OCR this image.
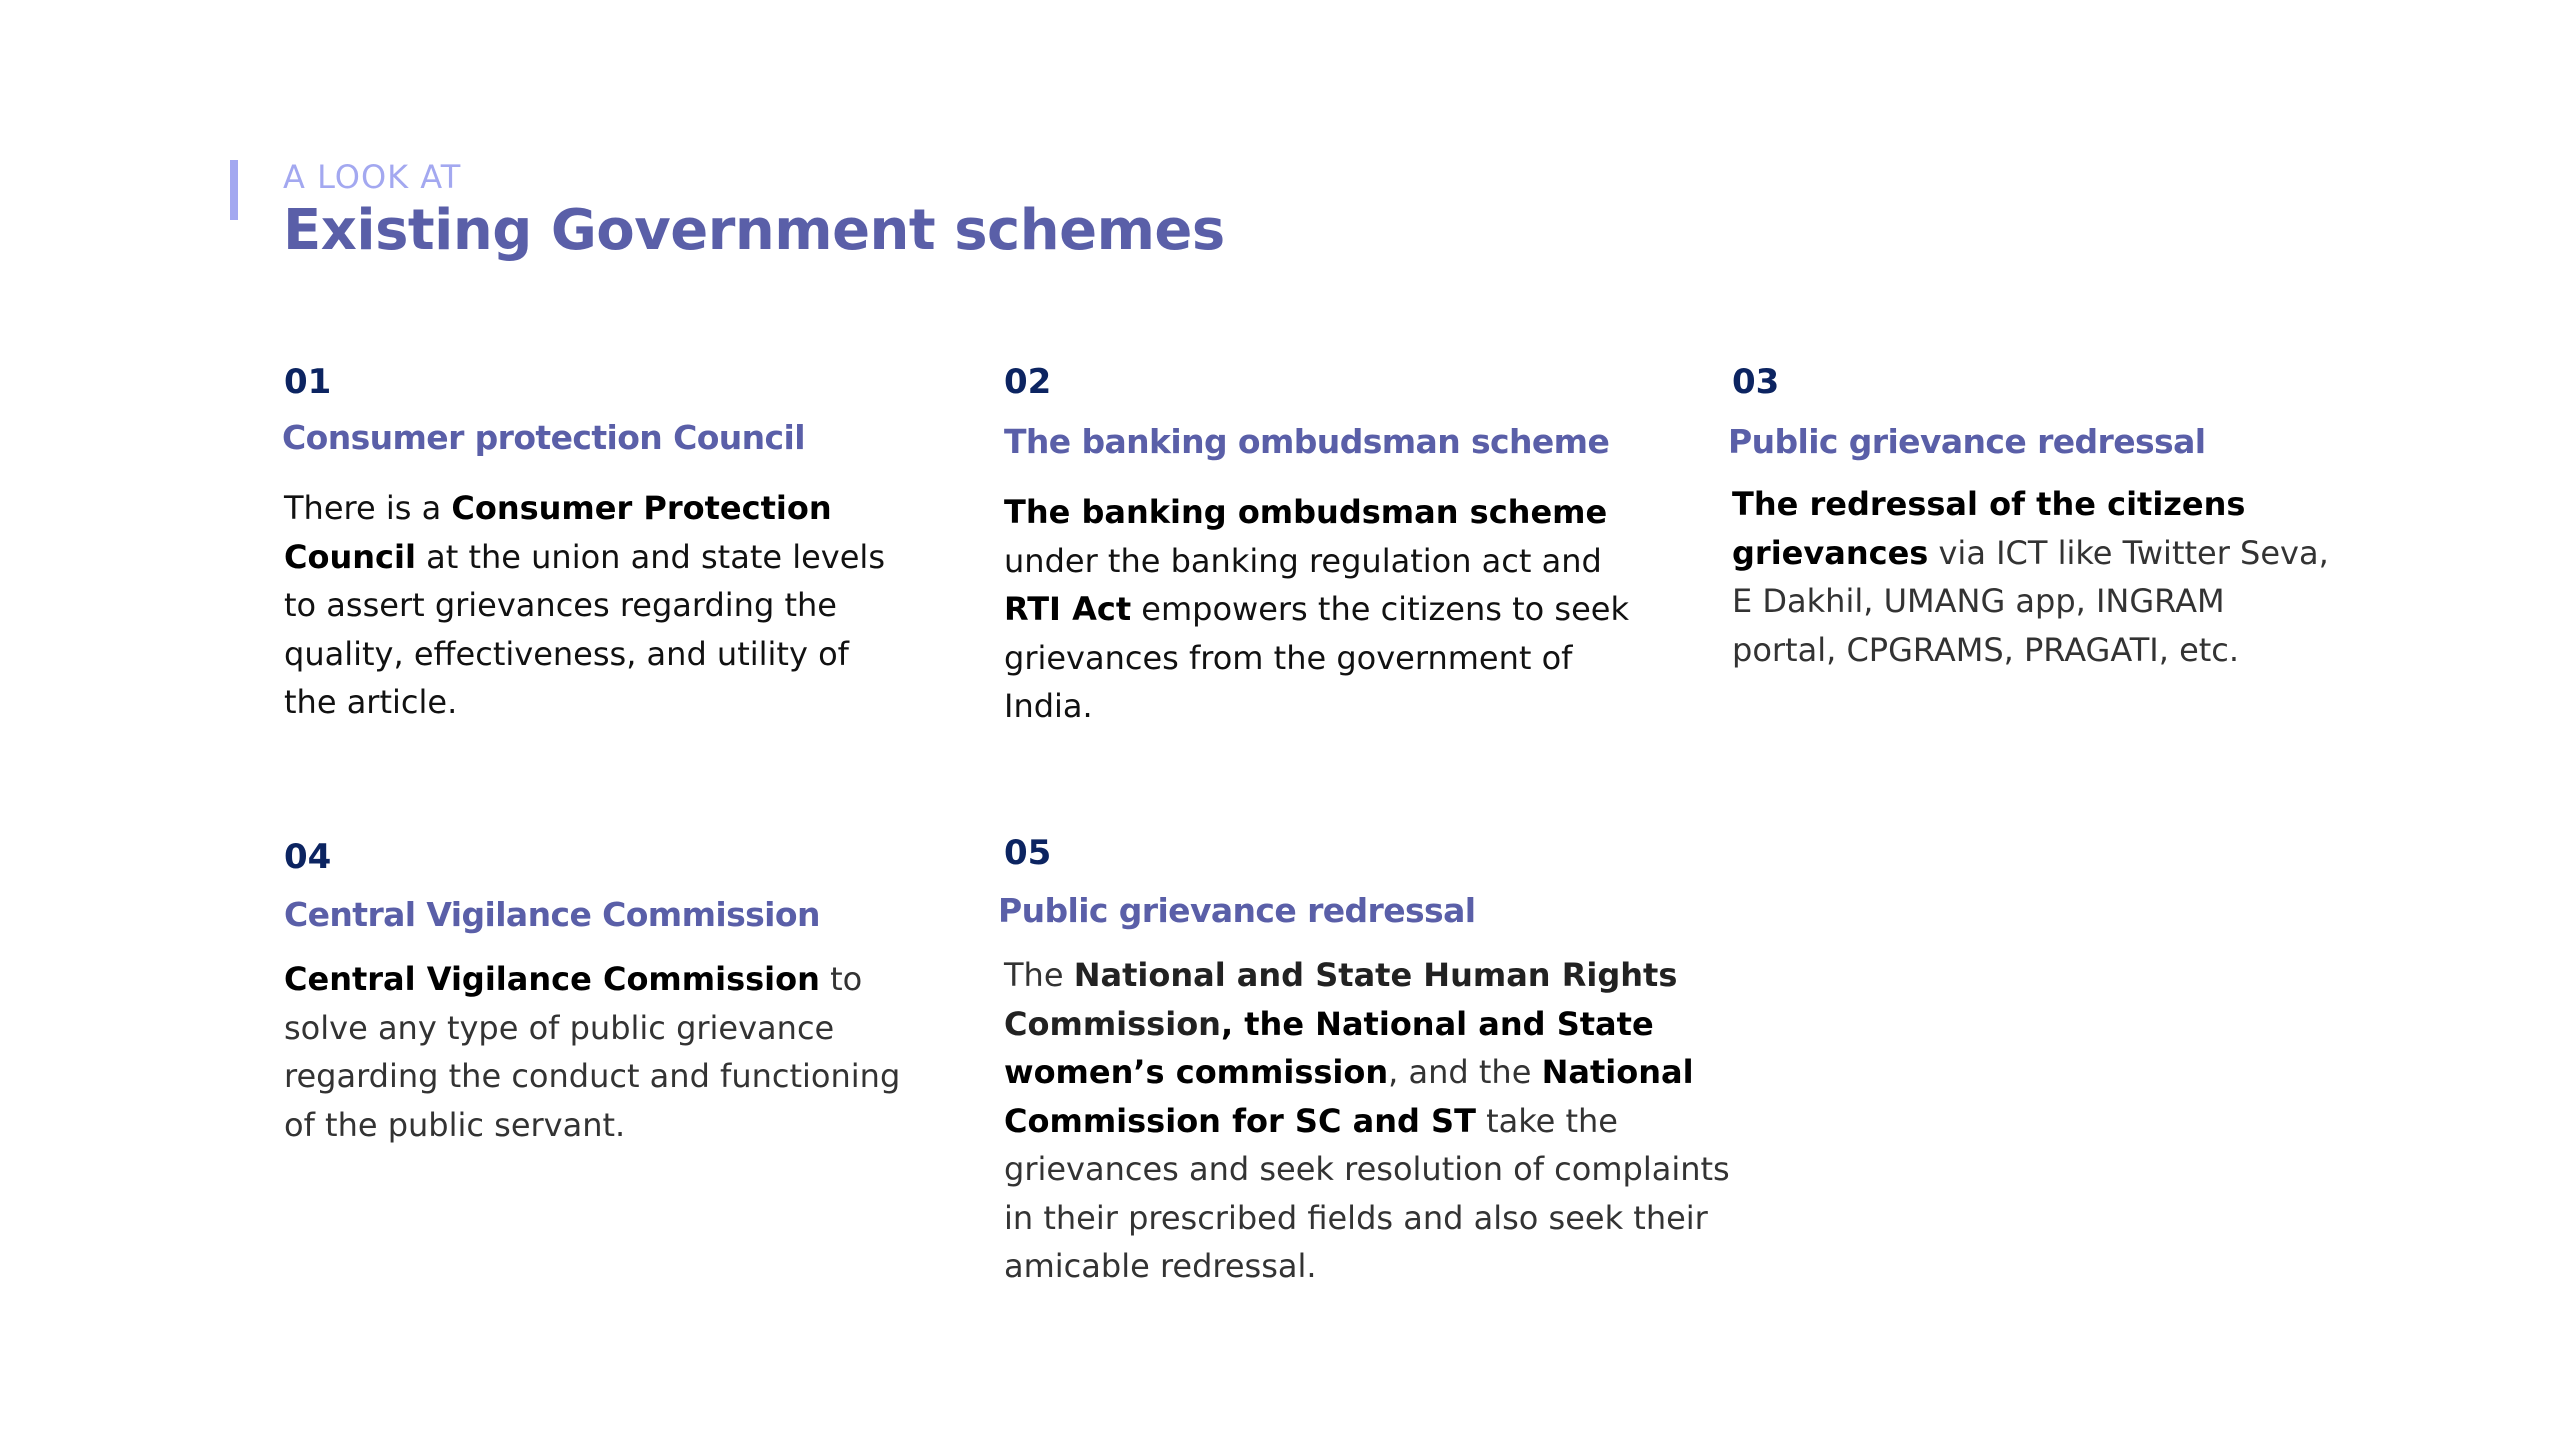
A LOOK AT
Existing Government schemes
01
Consumer protection Council

There is a Consumer Protection Council at the union and state levels to assert grievances regarding the quality, effectiveness, and utility of the article.

02
The banking ombudsman scheme

The banking ombudsman scheme under the banking regulation act and RTI Act empowers the citizens to seek grievances from the government of India.

03
Public grievance redressal

The redressal of the citizens grievances via ICT like Twitter Seva, E Dakhil, UMANG app, INGRAM portal, CPGRAMS, PRAGATI, etc.

04
Central Vigilance Commission

Central Vigilance Commission to solve any type of public grievance regarding the conduct and functioning of the public servant.

05
Public grievance redressal

The National and State Human Rights Commission, the National and State women’s commission, and the National Commission for SC and ST take the grievances and seek resolution of complaints in their prescribed fields and also seek their amicable redressal.
